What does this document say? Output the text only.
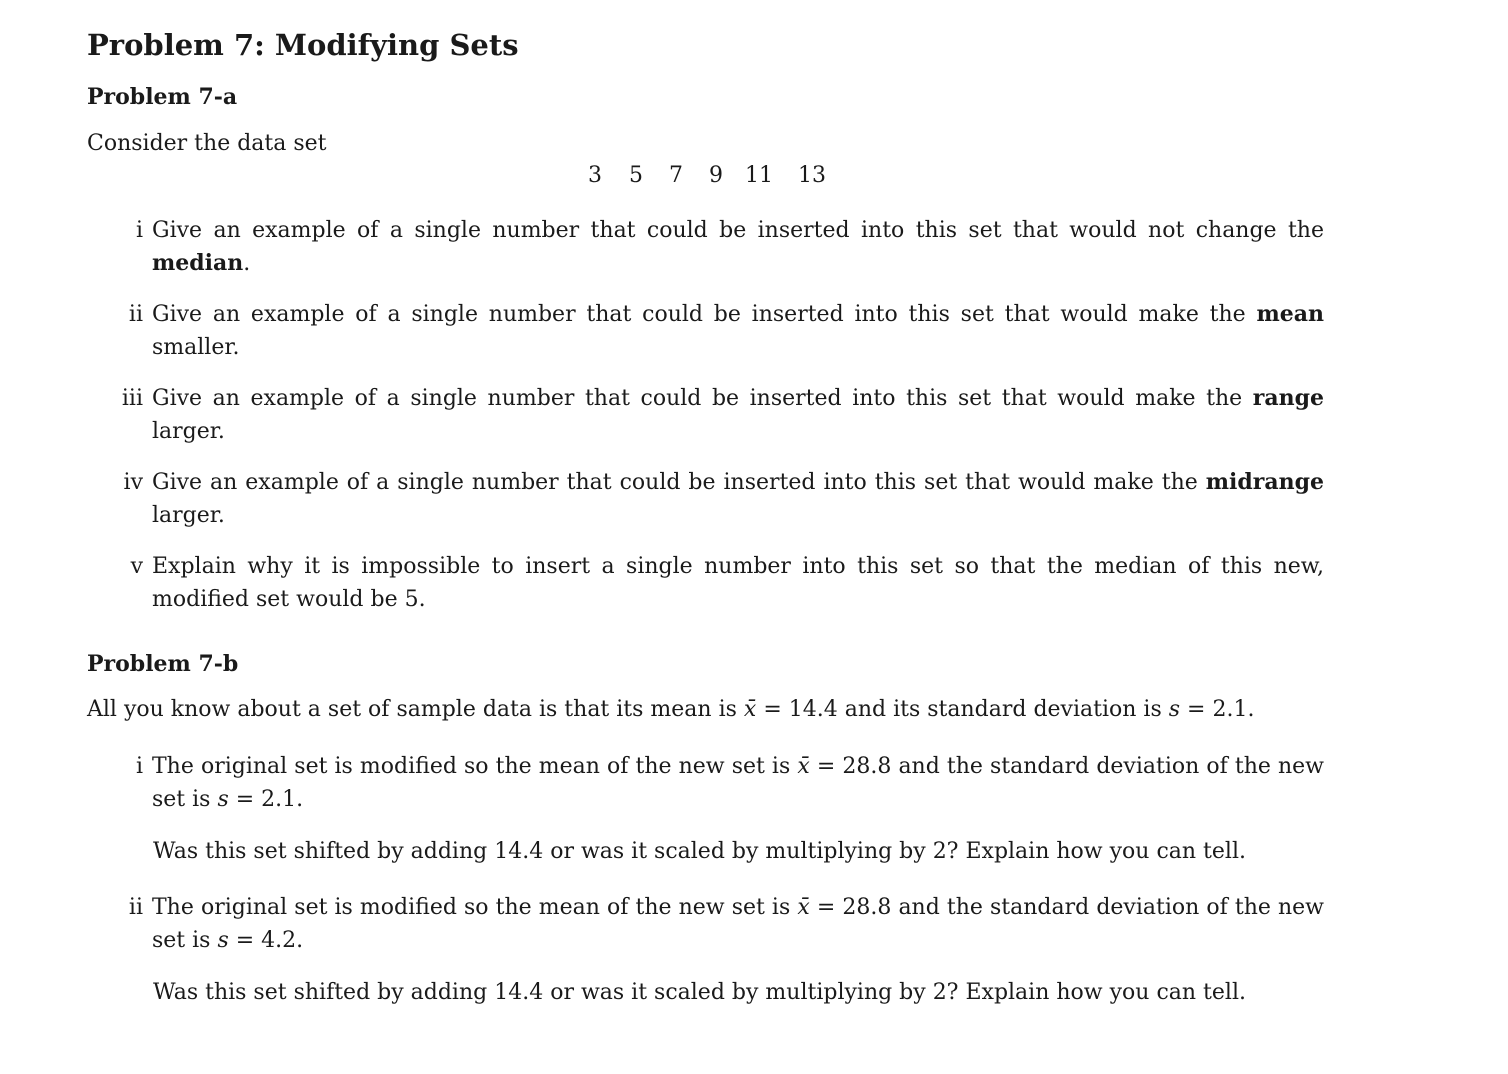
Problem 7: Modifying Sets
Problem 7-a

Consider the data set

3 5 7 9 11 13
i Give an example of a single number that could be inserted into this set that would not change the median.
ii Give an example of a single number that could be inserted into this set that would make the mean smaller.
iii Give an example of a single number that could be inserted into this set that would make the range larger.
iv Give an example of a single number that could be inserted into this set that would make the midrange larger.
v Explain why it is impossible to insert a single number into this set so that the median of this new, modified set would be 5.
Problem 7-b

All you know about a set of sample data is that its mean is x̄ = 14.4 and its standard deviation is s = 2.1.

i The original set is modified so the mean of the new set is x̄ = 28.8 and the standard deviation of the new set is s = 2.1.

Was this set shifted by adding 14.4 or was it scaled by multiplying by 2? Explain how you can tell.

ii The original set is modified so the mean of the new set is x̄ = 28.8 and the standard deviation of the new set is s = 4.2.

Was this set shifted by adding 14.4 or was it scaled by multiplying by 2? Explain how you can tell.
